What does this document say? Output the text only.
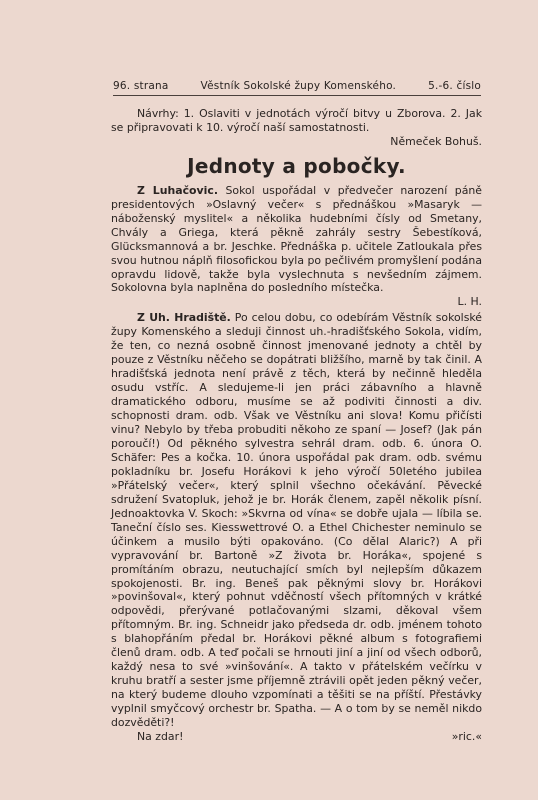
96. strana	Věstník Sokolské župy Komenského.	5.-6. číslo

Návrhy: 1. Oslaviti v jednotách výročí bitvy u Zborova. 2. Jak se připravovati k 10. výročí naší samostatnosti.

Němeček Bohuš.

Jednoty a pobočky.

Z Luhačovic. Sokol uspořádal v předvečer narození páně presidentových »Oslavný večer« s přednáškou »Masaryk — náboženský myslitel« a několika hudebními čísly od Smetany, Chvály a Griega, která pěkně zahrály sestry Šebestíková, Glücksmannová a br. Jeschke. Přednáška p. učitele Zatloukala přes svou hutnou náplň filosofickou byla po pečlivém promyšlení podána opravdu lidově, takže byla vyslechnuta s nevšedním zájmem. Sokolovna byla naplněna do posledního místečka.

L. H.

Z Uh. Hradiště. Po celou dobu, co odebírám Věstník sokolské župy Komenského a sleduji činnost uh.-hradišťského Sokola, vidím, že ten, co nezná osobně činnost jmenované jednoty a chtěl by pouze z Věstníku něčeho se dopátrati bližšího, marně by tak činil. A hradišťská jednota není právě z těch, která by nečinně hleděla osudu vstříc. A sledujeme-li jen práci zábavního a hlavně dramatického odboru, musíme se až podiviti činnosti a div. schopnosti dram. odb. Však ve Věstníku ani slova! Komu přičísti vinu? Nebylo by třeba probuditi někoho ze spaní — Josef? (Jak pán poroučí!) Od pěkného sylvestra sehrál dram. odb. 6. února O. Schäfer: Pes a kočka. 10. února uspořádal pak dram. odb. svému pokladníku br. Josefu Horákovi k jeho výročí 50letého jubilea »Přátelský večer«, který splnil všechno očekávání. Pěvecké sdružení Svatopluk, jehož je br. Horák členem, zapěl několik písní. Jednoaktovka V. Skoch: »Skvrna od vína« se dobře ujala — líbila se. Taneční číslo ses. Kiesswettrové O. a Ethel Chichester neminulo se účinkem a musilo býti opakováno. (Co dělal Alaric?) A při vypravování br. Bartoně »Z života br. Horáka«, spojené s promítáním obrazu, neutuchající smích byl nejlepším důkazem spokojenosti. Br. ing. Beneš pak pěknými slovy br. Horákovi »povinšoval«, který pohnut vděčností všech přítomných v krátké odpovědi, přerývané potlačovanými slzami, děkoval všem přítomným. Br. ing. Schneidr jako předseda dr. odb. jménem tohoto s blahopřáním předal br. Horákovi pěkné album s fotografiemi členů dram. odb. A teď počali se hrnouti jiní a jiní od všech odborů, každý nesa to své »vinšování«. A takto v přátelském večírku v kruhu bratří a sester jsme příjemně ztrávili opět jeden pěkný večer, na který budeme dlouho vzpomínati a těšiti se na příští. Přestávky vyplnil smyčcový orchestr br. Spatha. — A o tom by se neměl nikdo dozvěděti?!

Na zdar!	»ric.«
